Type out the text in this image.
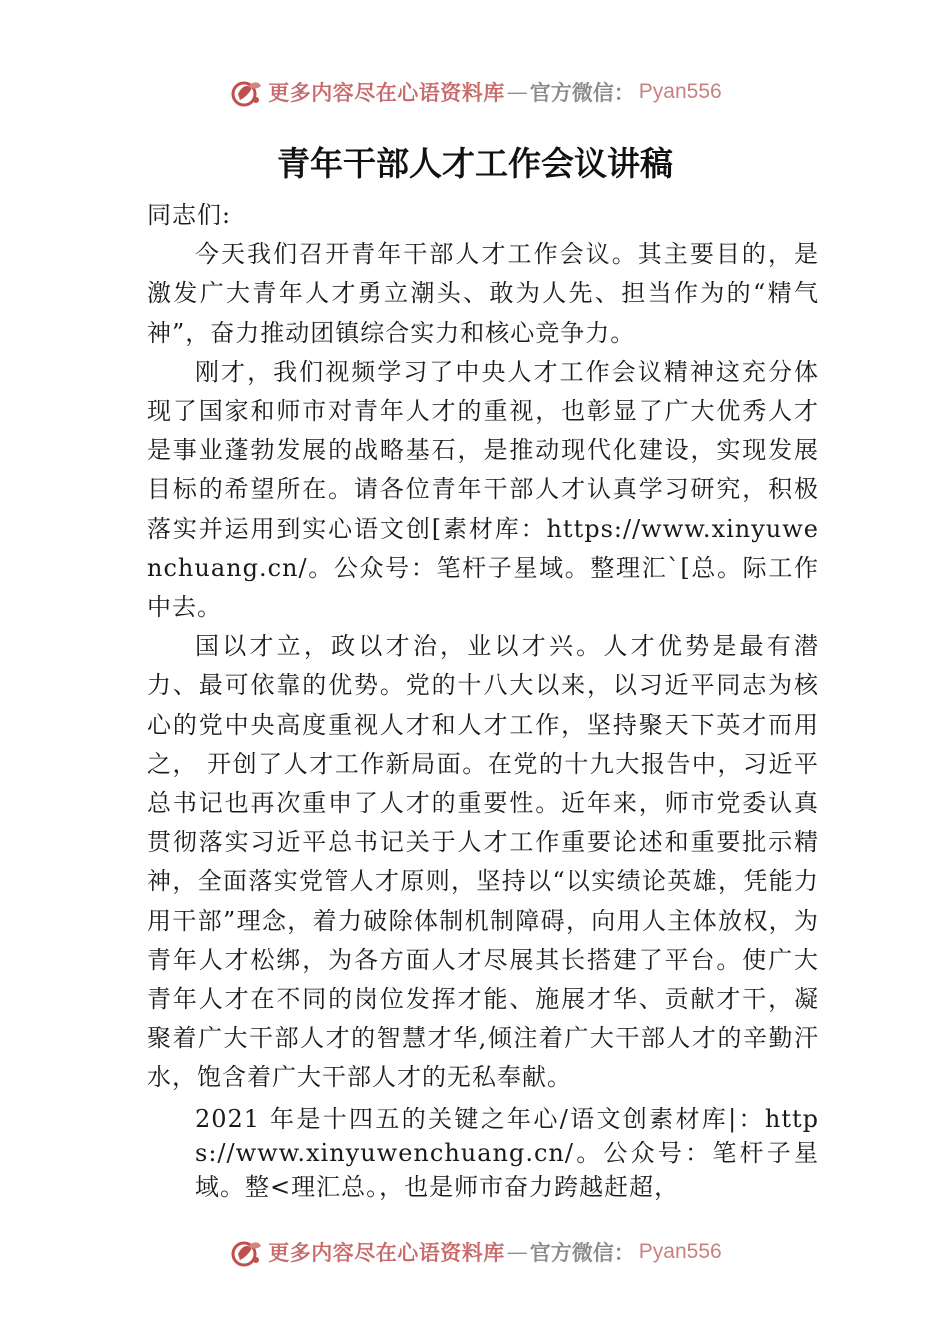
更多内容尽在心语资料库 — 官方微信： Pyan556
青年干部人才工作会议讲稿

同志们:

今天我们召开青年干部人才工作会议。其主要目的，是激发广大青年人才勇立潮头、敢为人先、担当作为的“精气神”，奋力推动团镇综合实力和核心竞争力。

刚才，我们视频学习了中央人才工作会议精神这充分体现了国家和师市对青年人才的重视，也彰显了广大优秀人才是事业蓬勃发展的战略基石，是推动现代化建设，实现发展目标的希望所在。请各位青年干部人才认真学习研究，积极落实并运用到实心语文创[素材库：https://www.xinyuwenchuang.cn/。公众号：笔杆子星域。整理汇`[总。际工作中去。

国以才立，政以才治，业以才兴。人才优势是最有潜力、最可依靠的优势。党的十八大以来，以习近平同志为核心的党中央高度重视人才和人才工作，坚持聚天下英才而用之， 开创了人才工作新局面。在党的十九大报告中，习近平总书记也再次重申了人才的重要性。近年来，师市党委认真贯彻落实习近平总书记关于人才工作重要论述和重要批示精神，全面落实党管人才原则，坚持以“以实绩论英雄，凭能力用干部”理念，着力破除体制机制障碍，向用人主体放权，为青年人才松绑，为各方面人才尽展其长搭建了平台。使广大青年人才在不同的岗位发挥才能、施展才华、贡献才干，凝聚着广大干部人才的智慧才华,倾注着广大干部人才的辛勤汗水，饱含着广大干部人才的无私奉献。

2021 年是十四五的关键之年心/语文创素材库|：https://www.xinyuwenchuang.cn/。公众号：笔杆子星域。整<理汇总。，也是师市奋力跨越赶超，

更多内容尽在心语资料库 — 官方微信： Pyan556
